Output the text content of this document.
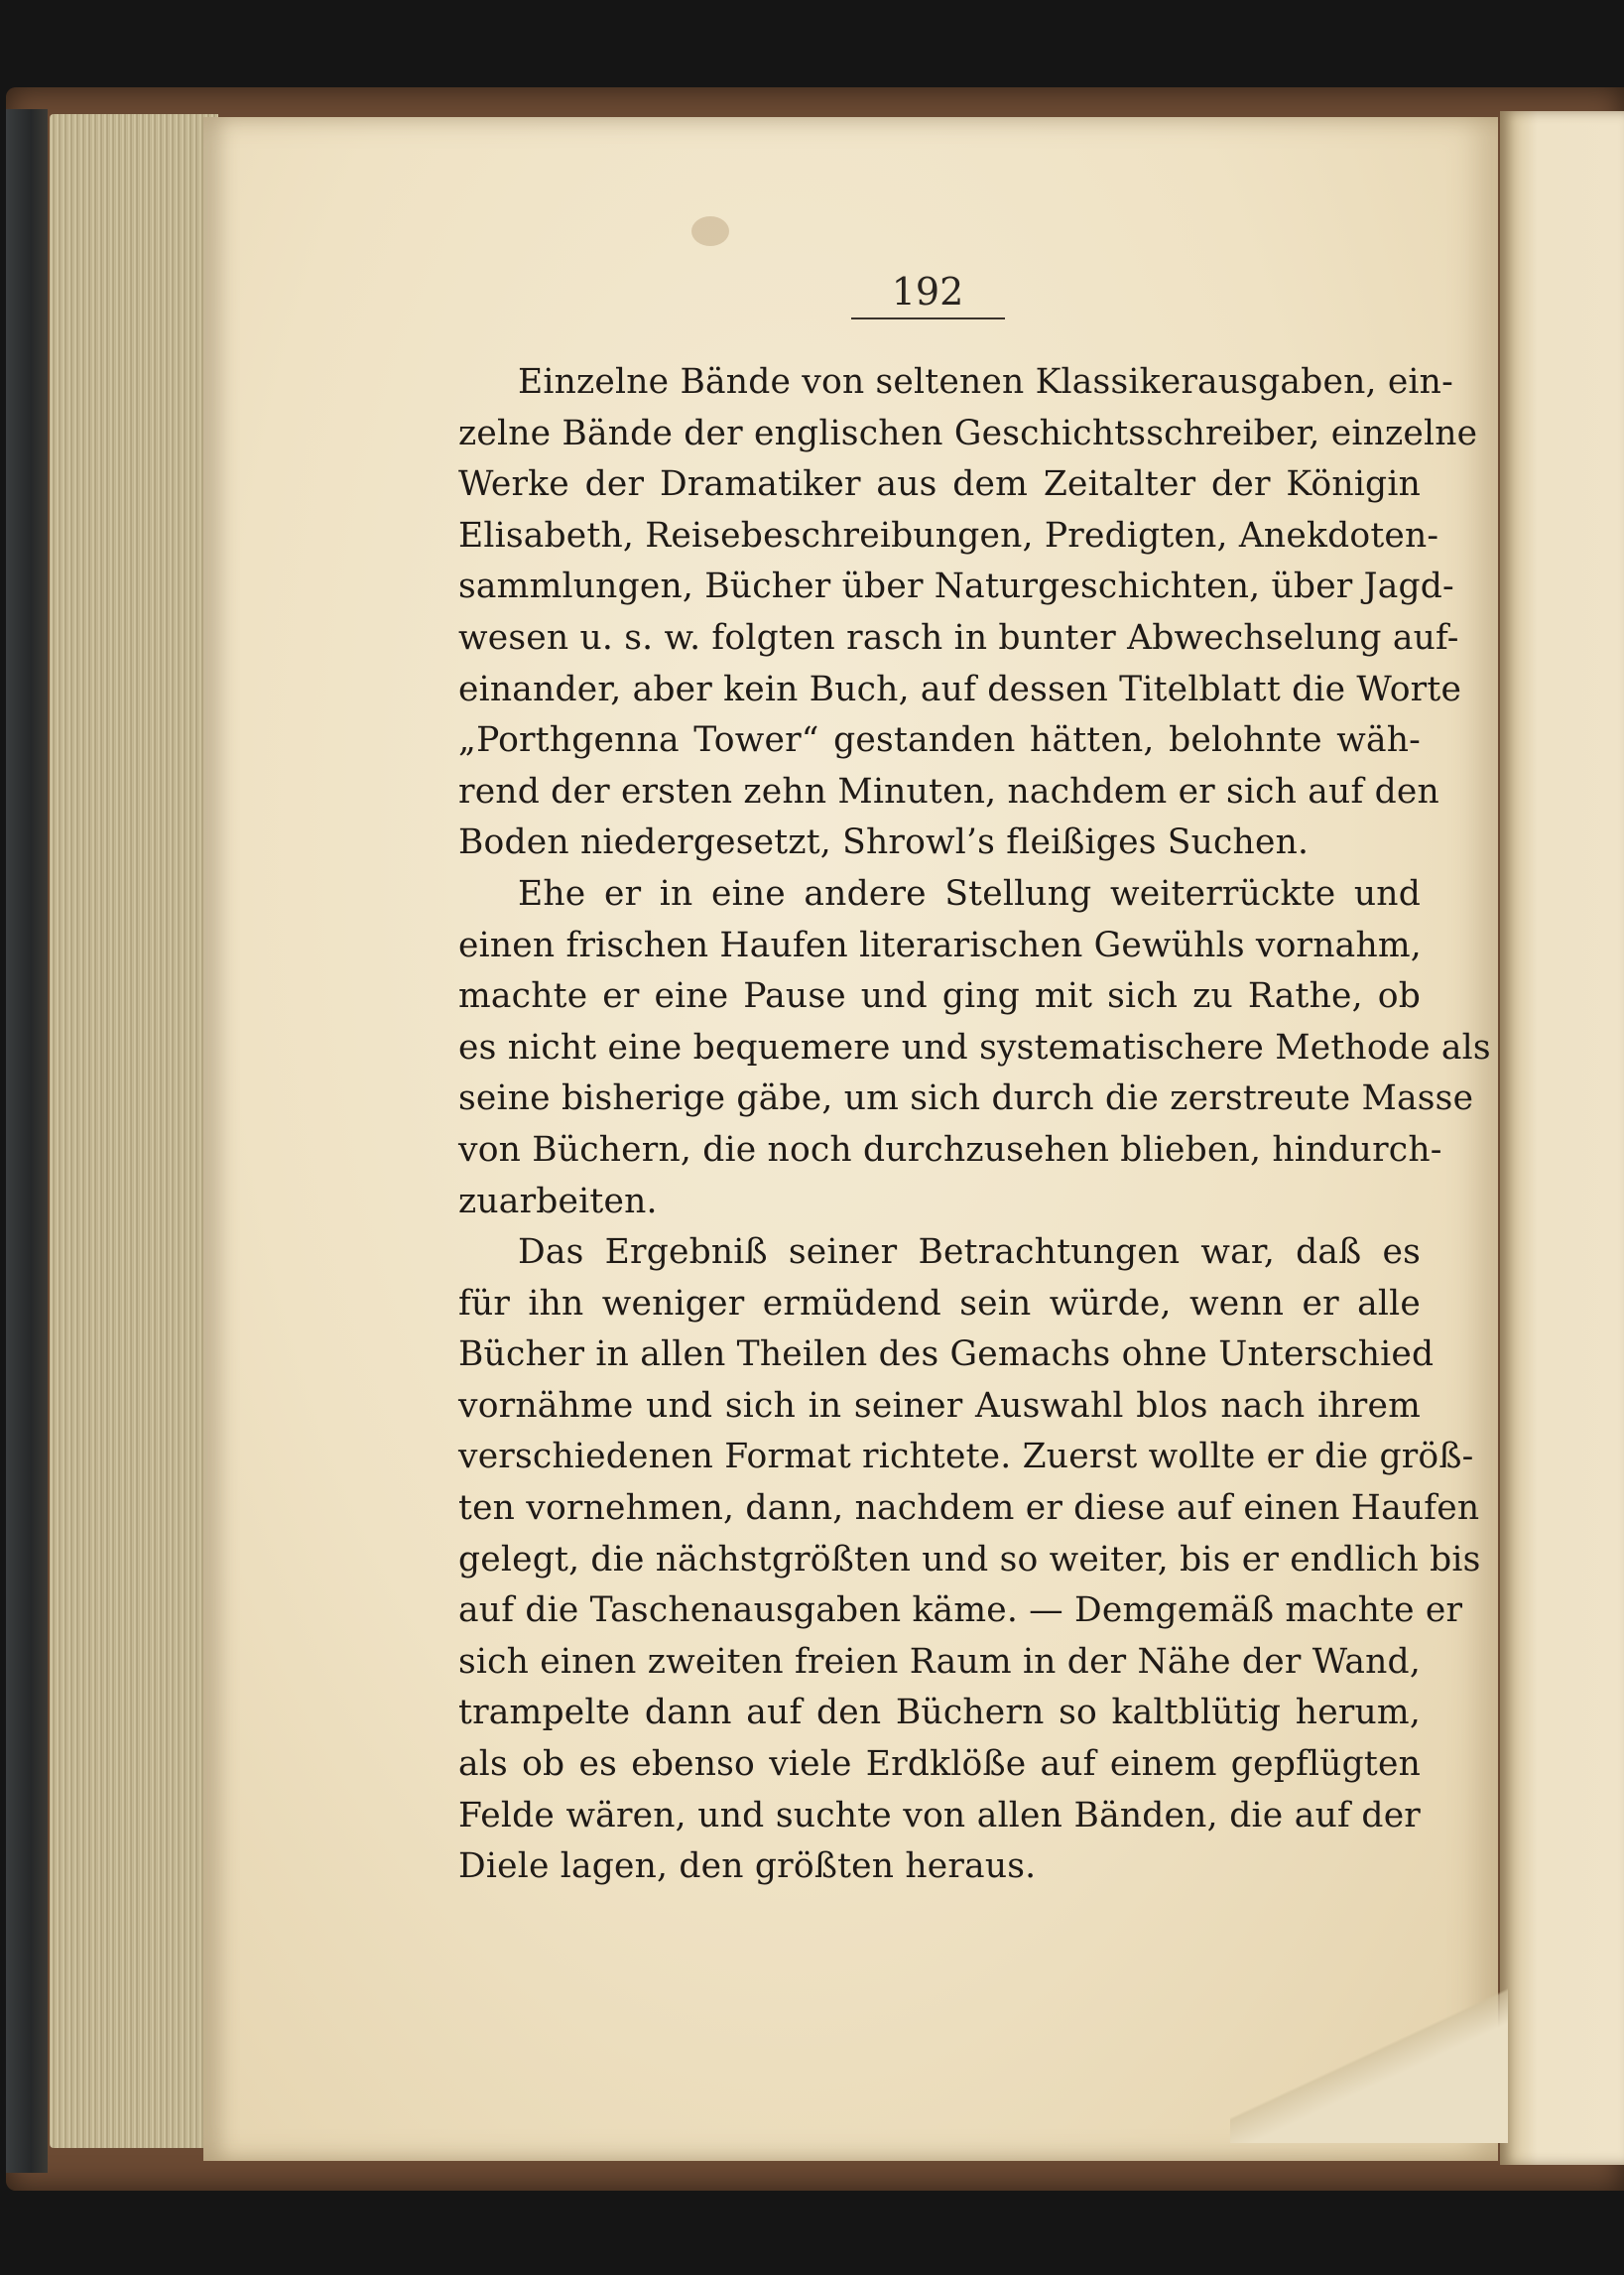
192
Einzelne Bände von seltenen Klassikerausgaben, ein-
zelne Bände der englischen Geschichtsschreiber, einzelne
Werke der Dramatiker aus dem Zeitalter der Königin
Elisabeth, Reisebeschreibungen, Predigten, Anekdoten-
sammlungen, Bücher über Naturgeschichten, über Jagd-
wesen u. s. w. folgten rasch in bunter Abwechselung auf-
einander, aber kein Buch, auf dessen Titelblatt die Worte
„Porthgenna Tower“ gestanden hätten, belohnte wäh-
rend der ersten zehn Minuten, nachdem er sich auf den
Boden niedergesetzt, Shrowl’s fleißiges Suchen.
Ehe er in eine andere Stellung weiterrückte und
einen frischen Haufen literarischen Gewühls vornahm,
machte er eine Pause und ging mit sich zu Rathe, ob
es nicht eine bequemere und systematischere Methode als
seine bisherige gäbe, um sich durch die zerstreute Masse
von Büchern, die noch durchzusehen blieben, hindurch-
zuarbeiten.
Das Ergebniß seiner Betrachtungen war, daß es
für ihn weniger ermüdend sein würde, wenn er alle
Bücher in allen Theilen des Gemachs ohne Unterschied
vornähme und sich in seiner Auswahl blos nach ihrem
verschiedenen Format richtete. Zuerst wollte er die größ-
ten vornehmen, dann, nachdem er diese auf einen Haufen
gelegt, die nächstgrößten und so weiter, bis er endlich bis
auf die Taschenausgaben käme. — Demgemäß machte er
sich einen zweiten freien Raum in der Nähe der Wand,
trampelte dann auf den Büchern so kaltblütig herum,
als ob es ebenso viele Erdklöße auf einem gepflügten
Felde wären, und suchte von allen Bänden, die auf der
Diele lagen, den größten heraus.
